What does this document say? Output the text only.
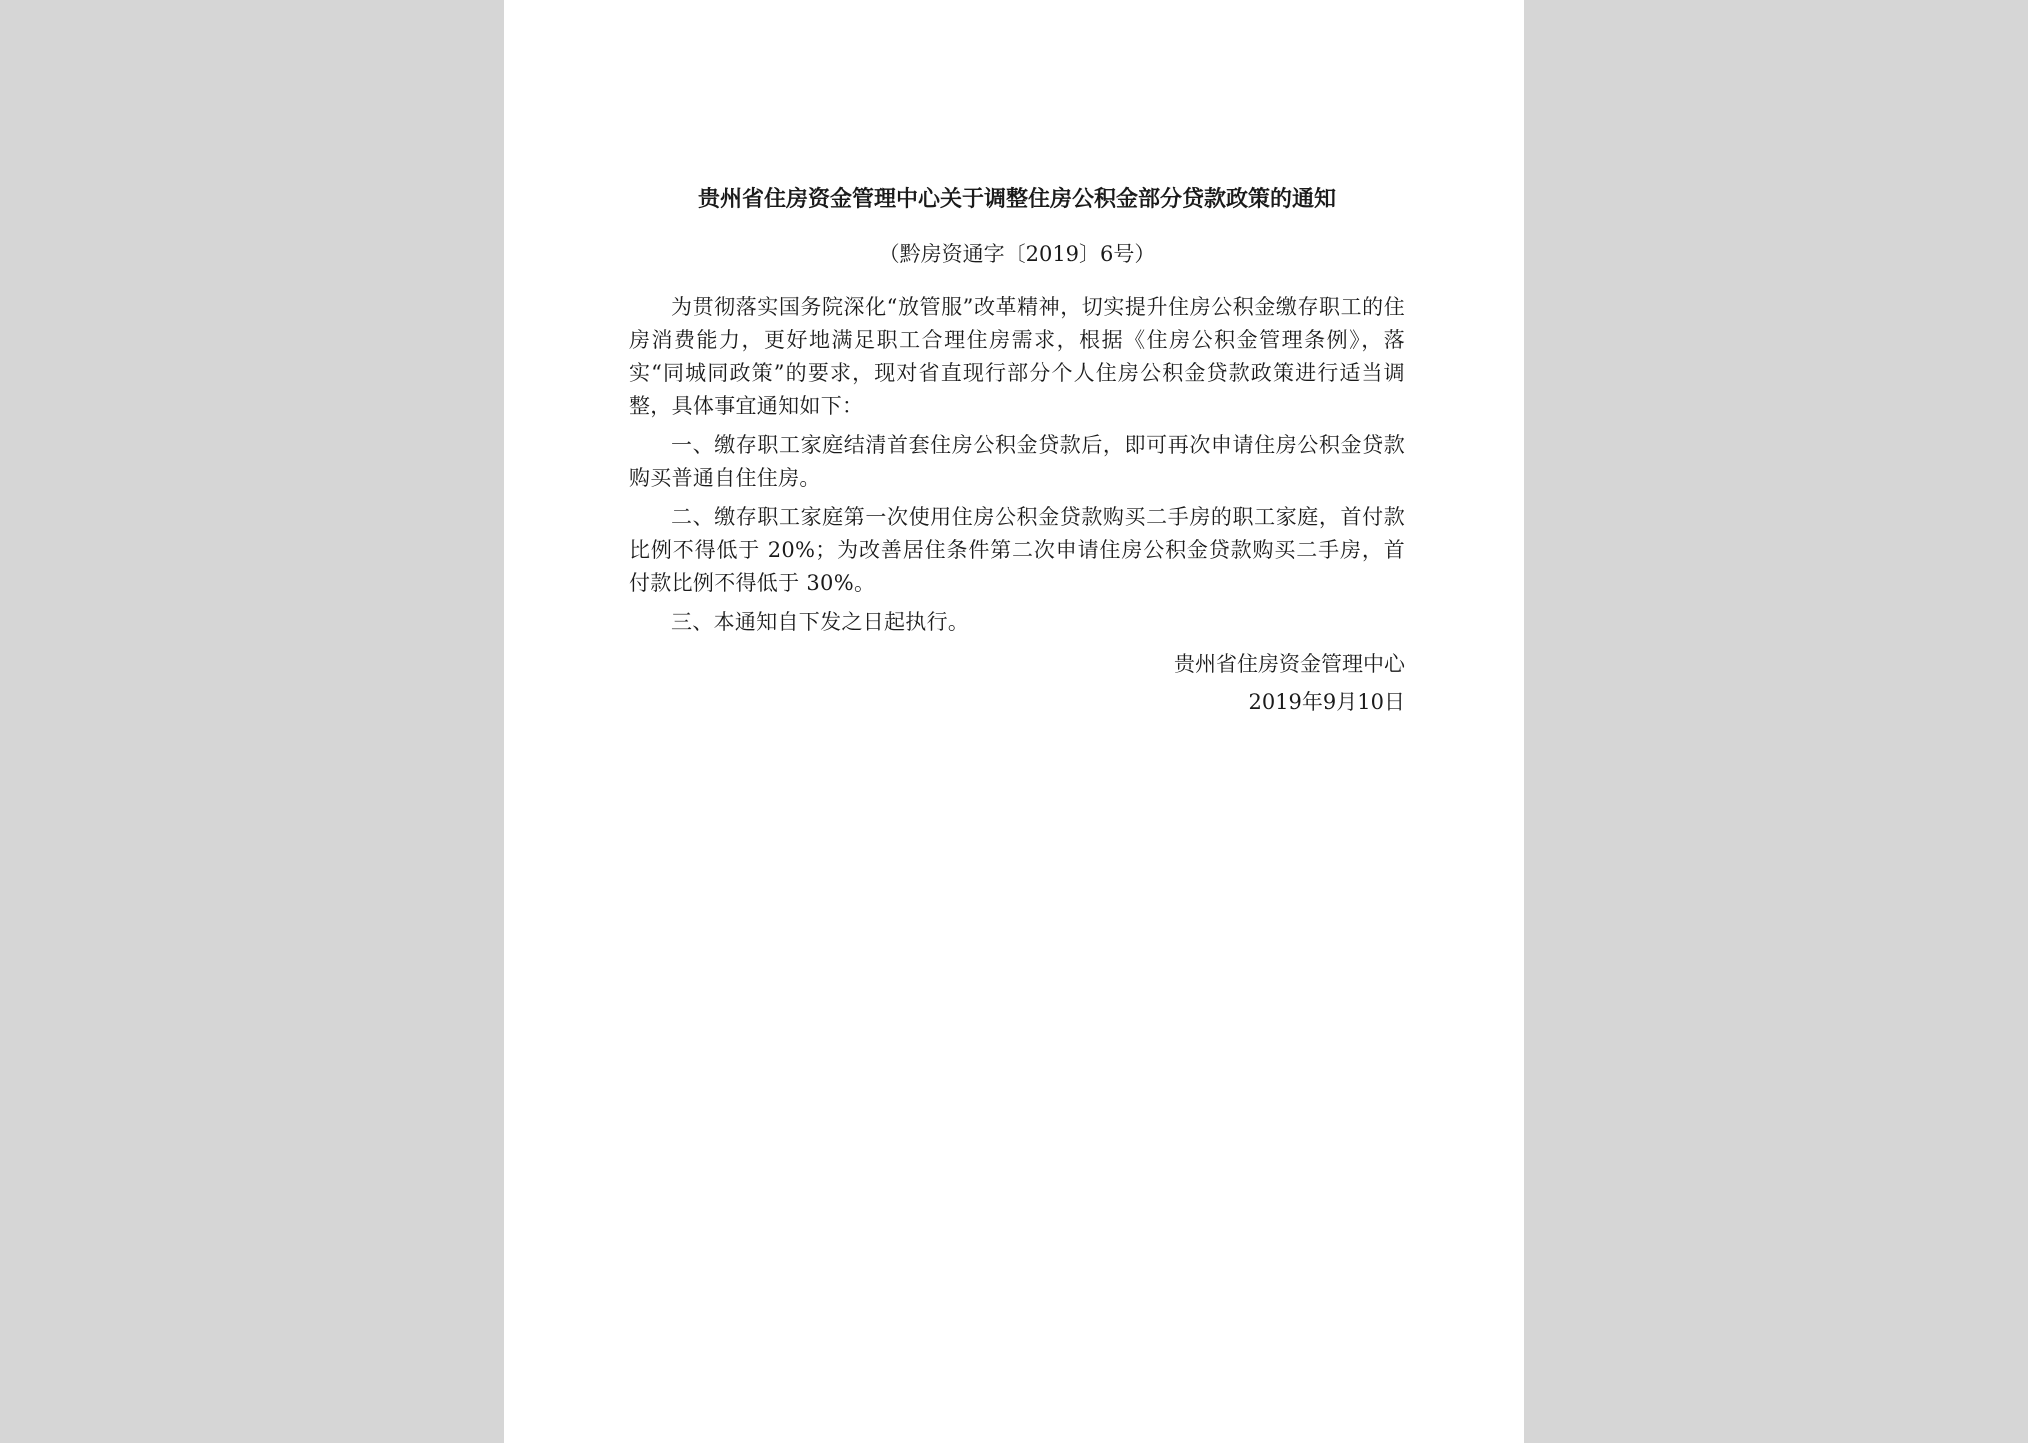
贵州省住房资金管理中心关于调整住房公积金部分贷款政策的通知
（黔房资通字〔2019〕6号）

为贯彻落实国务院深化“放管服”改革精神，切实提升住房公积金缴存职工的住房消费能力，更好地满足职工合理住房需求，根据《住房公积金管理条例》，落实“同城同政策”的要求，现对省直现行部分个人住房公积金贷款政策进行适当调整，具体事宜通知如下：

一、缴存职工家庭结清首套住房公积金贷款后，即可再次申请住房公积金贷款购买普通自住住房。

二、缴存职工家庭第一次使用住房公积金贷款购买二手房的职工家庭，首付款比例不得低于 20%；为改善居住条件第二次申请住房公积金贷款购买二手房，首付款比例不得低于 30%。

三、本通知自下发之日起执行。

贵州省住房资金管理中心
2019年9月10日
